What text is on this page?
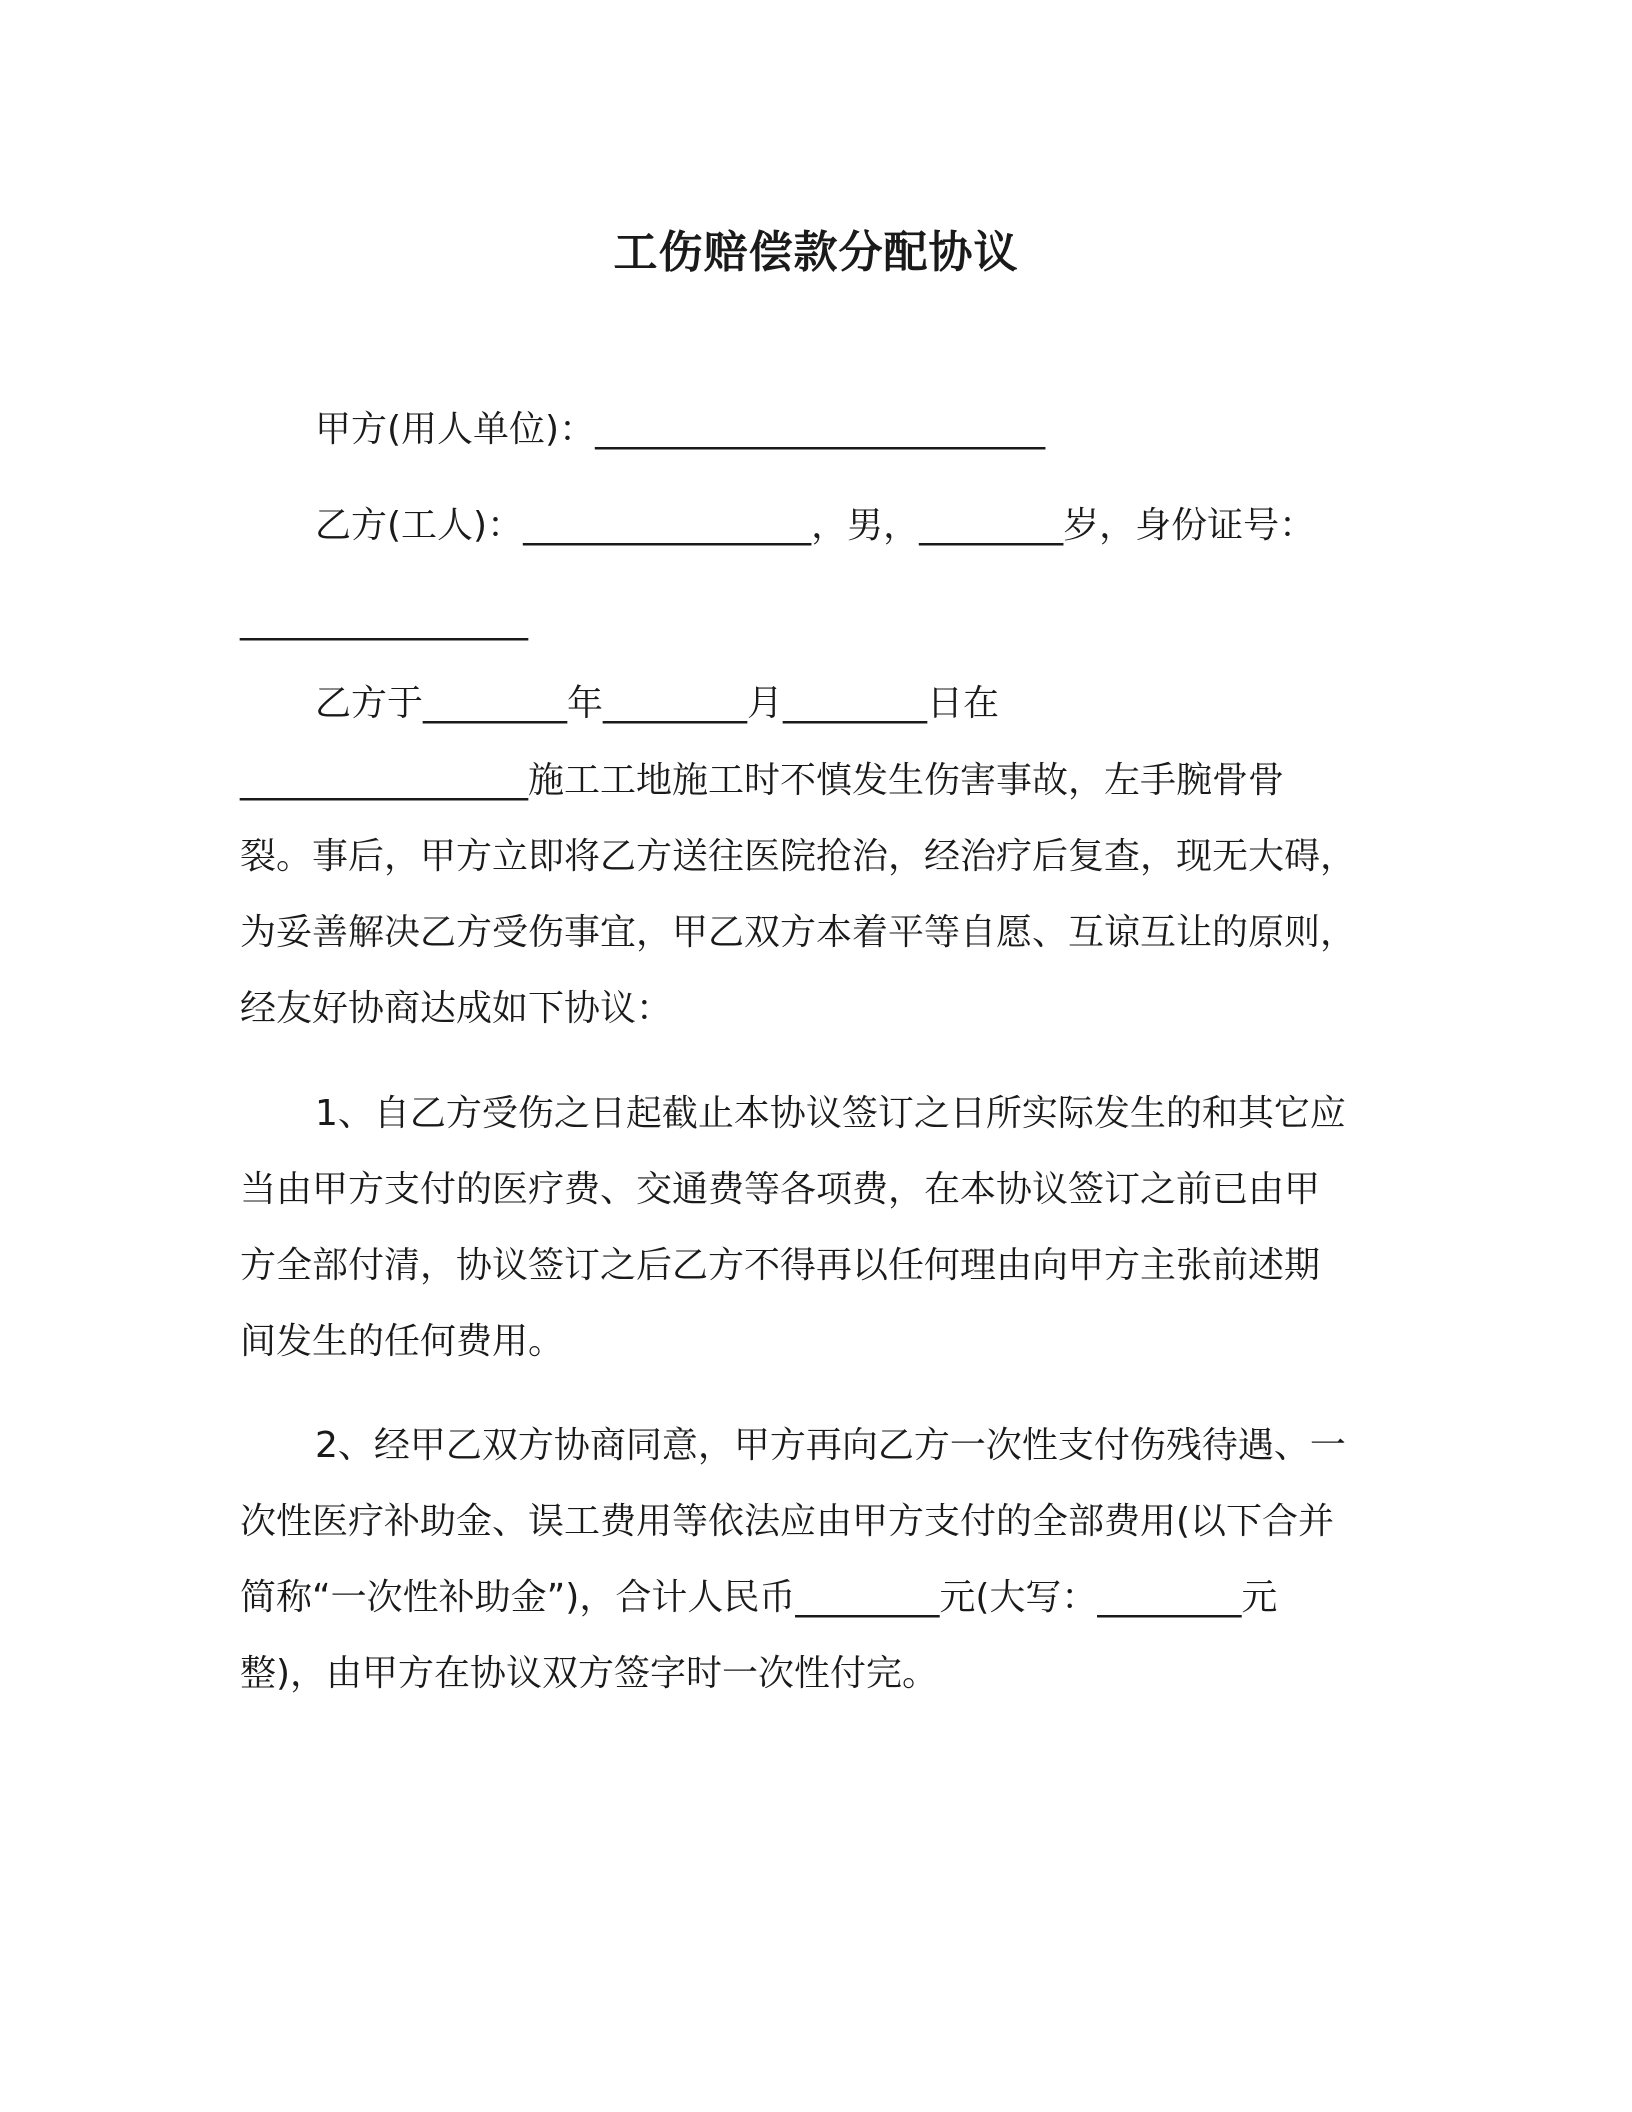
工伤赔偿款分配协议

甲方(用人单位)：_________________________

乙方(工人)：________________，男，________岁，身份证号：

________________

乙方于________年________月________日在

________________施工工地施工时不慎发生伤害事故，左手腕骨骨

裂。事后，甲方立即将乙方送往医院抢治，经治疗后复查，现无大碍，

为妥善解决乙方受伤事宜，甲乙双方本着平等自愿、互谅互让的原则，

经友好协商达成如下协议：

1、自乙方受伤之日起截止本协议签订之日所实际发生的和其它应

当由甲方支付的医疗费、交通费等各项费，在本协议签订之前已由甲

方全部付清，协议签订之后乙方不得再以任何理由向甲方主张前述期

间发生的任何费用。

2、经甲乙双方协商同意，甲方再向乙方一次性支付伤残待遇、一

次性医疗补助金、误工费用等依法应由甲方支付的全部费用(以下合并

简称“一次性补助金”)，合计人民币________元(大写：________元

整)，由甲方在协议双方签字时一次性付完。
